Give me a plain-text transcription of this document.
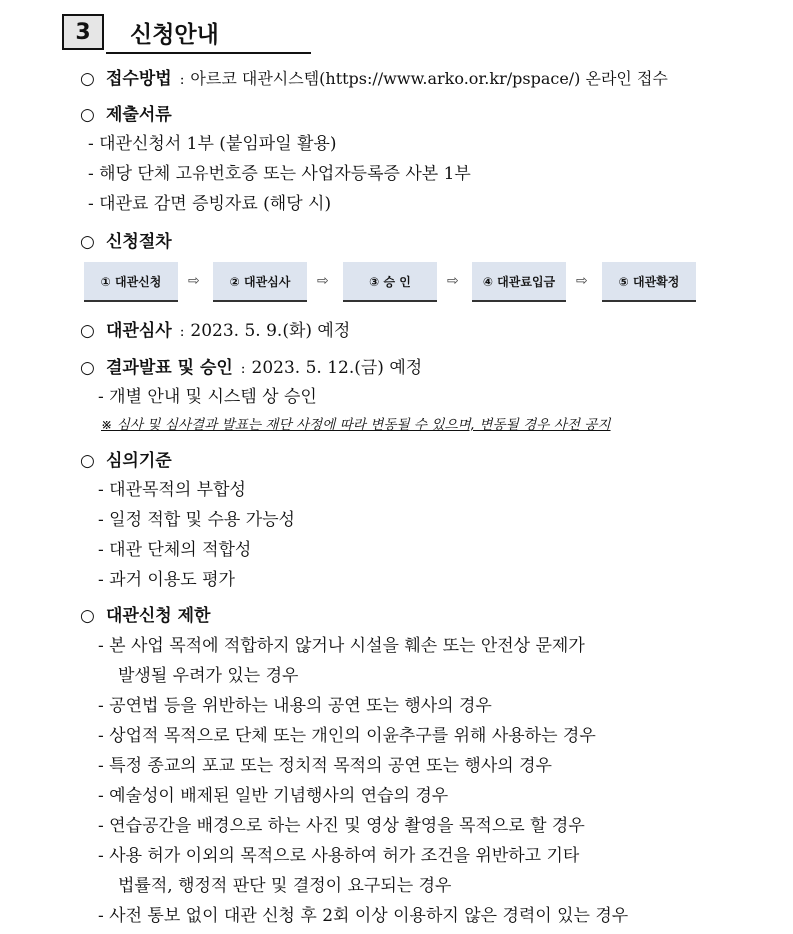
3	신청안내
○ 접수방법 : 아르코 대관시스템(https://www.arko.or.kr/pspace/) 온라인 접수
○ 제출서류
- 대관신청서 1부 (붙임파일 활용)
- 해당 단체 고유번호증 또는 사업자등록증 사본 1부
- 대관료 감면 증빙자료 (해당 시)
○ 신청절차
① 대관신청	⇨	② 대관심사	⇨	③ 승 인	⇨	④ 대관료입금	⇨	⑤ 대관확정
○ 대관심사 : 2023. 5. 9.(화) 예정
○ 결과발표 및 승인 : 2023. 5. 12.(금) 예정
- 개별 안내 및 시스템 상 승인
※ 심사 및 심사결과 발표는 재단 사정에 따라 변동될 수 있으며, 변동될 경우 사전 공지
○ 심의기준
- 대관목적의 부합성
- 일정 적합 및 수용 가능성
- 대관 단체의 적합성
- 과거 이용도 평가
○ 대관신청 제한
- 본 사업 목적에 적합하지 않거나 시설을 훼손 또는 안전상 문제가
발생될 우려가 있는 경우
- 공연법 등을 위반하는 내용의 공연 또는 행사의 경우
- 상업적 목적으로 단체 또는 개인의 이윤추구를 위해 사용하는 경우
- 특정 종교의 포교 또는 정치적 목적의 공연 또는 행사의 경우
- 예술성이 배제된 일반 기념행사의 연습의 경우
- 연습공간을 배경으로 하는 사진 및 영상 촬영을 목적으로 할 경우
- 사용 허가 이외의 목적으로 사용하여 허가 조건을 위반하고 기타
법률적, 행정적 판단 및 결정이 요구되는 경우
- 사전 통보 없이 대관 신청 후 2회 이상 이용하지 않은 경력이 있는 경우
